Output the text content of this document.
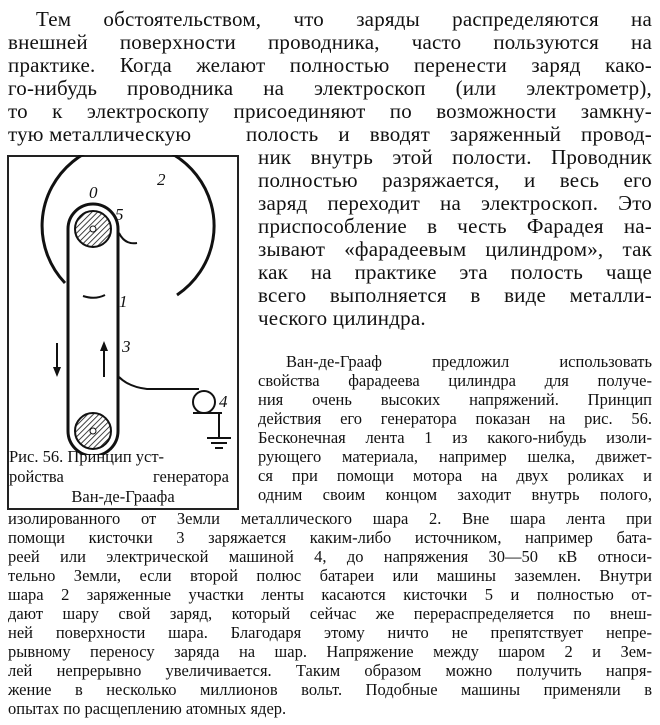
Тем обстоятельством, что заряды распределяются на
внешней поверхности проводника, часто пользуются на
практике. Когда желают полностью перенести заряд како-
го-нибудь проводника на электроскоп (или электрометр),
то к электроскопу присоединяют по возможности замкну-
тую металлическую	полость и вводят заряженный провод-
ник внутрь этой полости. Проводник
полностью разряжается, и весь его
заряд переходит на электроскоп. Это
приспособление в честь Фарадея на-
зывают «фарадеевым цилиндром», так
как на практике эта полость чаще
всего выполняется в виде металли-
ческого цилиндра.
Ван-де-Грааф предложил использовать
свойства фарадеева цилиндра для получе-
ния очень высоких напряжений. Принцип
действия его генератора показан на рис. 56.
Бесконечная лента 1 из какого-нибудь изоли-
рующего материала, например шелка, движет-
ся при помощи мотора на двух роликах и
одним своим концом заходит внутрь полого,
изолированного от Земли металлического шара 2. Вне шара лента при
помощи кисточки 3 заряжается каким-либо источником, например бата-
реей или электрической машиной 4, до напряжения 30—50 кВ относи-
тельно Земли, если второй полюс батареи или машины заземлен. Внутри
шара 2 заряженные участки ленты касаются кисточки 5 и полностью от-
дают шару свой заряд, который сейчас же перераспределяется по внеш-
ней поверхности шара. Благодаря этому ничто не препятствует непре-
рывному переносу заряда на шар. Напряжение между шаром 2 и Зем-
лей непрерывно увеличивается. Таким образом можно получить напря-
жение в несколько миллионов вольт. Подобные машины применяли в
опытах по расщеплению атомных ядер.
0
5
2
1
3
4
Рис. 56. Принцип уст-
ройства генератора
Ван-де-Граафа
